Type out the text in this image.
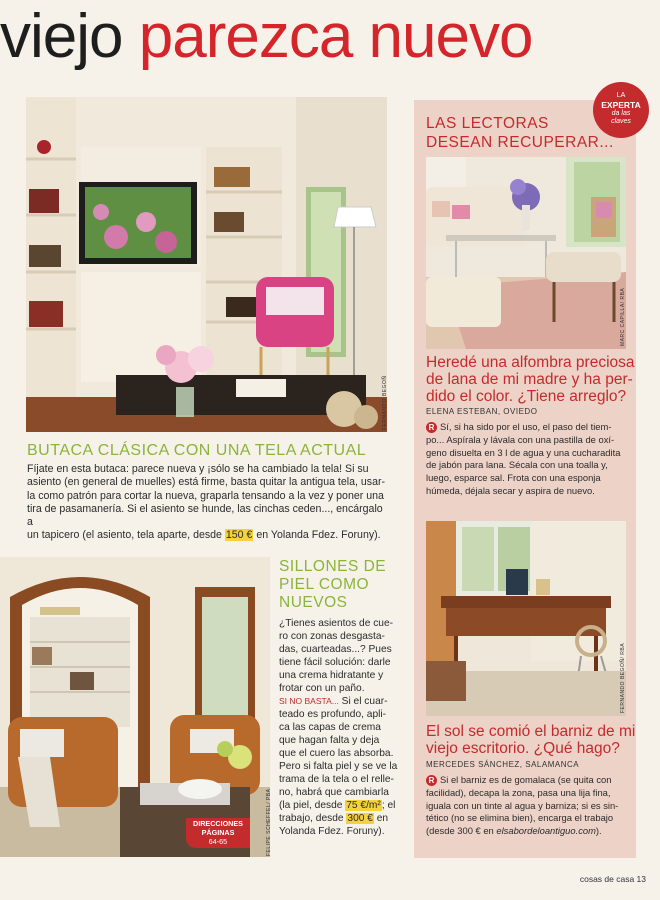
viejo parezca nuevo
FERNANDO BEGOÑ
BUTACA CLÁSICA CON UNA TELA ACTUAL
Fíjate en esta butaca: parece nueva y ¡sólo se ha cambiado la tela! Si su
asiento (en general de muelles) está firme, basta quitar la antigua tela, usar-
la como patrón para cortar la nueva, graparla tensando a la vez y poner una
tira de pasamanería. Si el asiento se hunde, las cinchas ceden..., encárgalo a
un tapicero (el asiento, tela aparte, desde 150 € en Yolanda Fdez. Foruny).
FELIPE SCHEFFEL/ PBA
DIRECCIONES
PÁGINAS
64-65
SILLONES DE
PIEL COMO
NUEVOS
¿Tienes asientos de cue-
ro con zonas desgasta-
das, cuarteadas...? Pues
tiene fácil solución: darle
una crema hidratante y
frotar con un paño.
SI NO BASTA... Si el cuar-
teado es profundo, apli-
ca las capas de crema
que hagan falta y deja
que el cuero las absorba.
Pero si falta piel y se ve la
trama de la tela o el relle-
no, habrá que cambiarla
(la piel, desde 75 €/m²; el
trabajo, desde 300 € en
Yolanda Fdez. Foruny).
LA
EXPERTA
da las
claves
LAS LECTORAS
DESEAN RECUPERAR...
MARC CAPILLA/ RBA
Heredé una alfombra preciosa
de lana de mi madre y ha per-
dido el color. ¿Tiene arreglo?
ELENA ESTEBAN, OVIEDO
R Sí, si ha sido por el uso, el paso del tiem-
po... Aspírala y lávala con una pastilla de oxí-
geno disuelta en 3 l de agua y una cucharadita
de jabón para lana. Sécala con una toalla y,
luego, esparce sal. Frota con una esponja
húmeda, déjala secar y aspira de nuevo.
FERNANDO BEGOÑ/ RBA
El sol se comió el barniz de mi
viejo escritorio. ¿Qué hago?
MERCEDES SÁNCHEZ, SALAMANCA
R Si el barniz es de gomalaca (se quita con
facilidad), decapa la zona, pasa una lija fina,
iguala con un tinte al agua y barniza; si es sin-
tético (no se elimina bien), encarga el trabajo
(desde 300 € en elsabordeloantiguo.com).
cosas de casa 13
